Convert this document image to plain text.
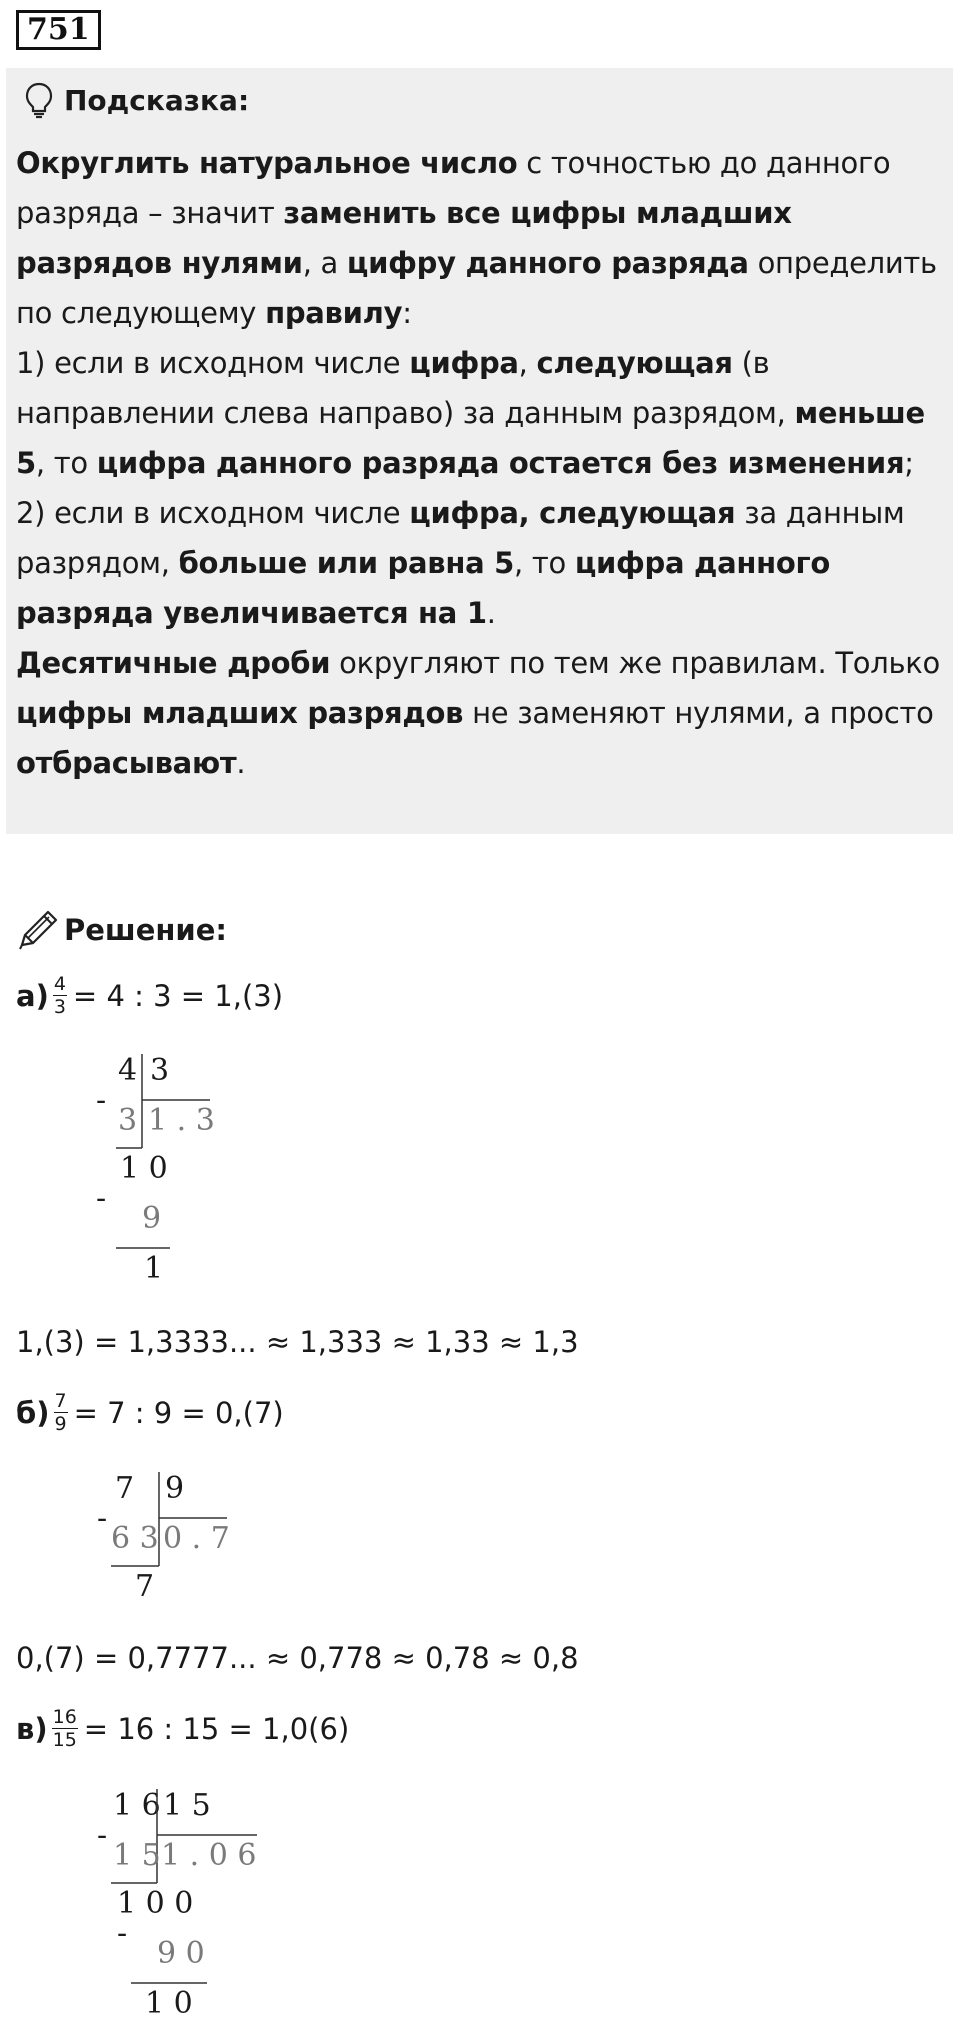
751
Подсказка:

Округлить натуральное число с точностью до данного разряда – значит заменить все цифры младших разрядов нулями, а цифру данного разряда определить по следующему правилу:

1) если в исходном числе цифра, следующая (в направлении слева направо) за данным разрядом, меньше 5, то цифра данного разряда остается без изменения;

2) если в исходном числе цифра, следующая за данным разрядом, больше или равна 5, то цифра данного разряда увеличивается на 1.

Десятичные дроби округляют по тем же правилам. Только цифры младших разрядов не заменяют нулями, а просто отбрасывают.

Решение:
$а) \frac{4}{3} = 4$ : 3 = 1,(3)
-
4 3
3 1 . 3
1 0
-
9
1
1,(3) = 1,3333... ≈ 1,333 ≈ 1,33 ≈ 1,3
$б) \frac{7}{9} = 7$ : 9 = 0,(7)
-
7 9
6 3 0 . 7
7
0,(7) = 0,7777... ≈ 0,778 ≈ 0,78 ≈ 0,8
$в) \frac{16}{15} = 16$ : 15 = 1,0(6)
-
1 6 1 5
1 5 1 . 0 6
1 0 0
-
9 0
1 0
